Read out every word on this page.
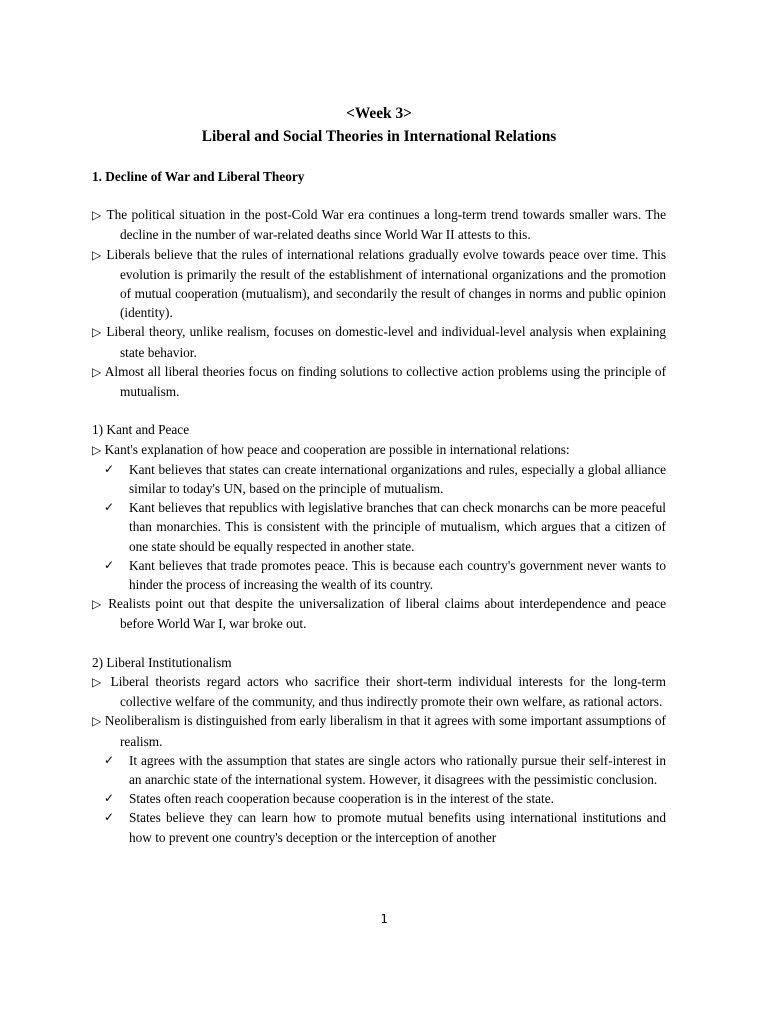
<Week 3>
Liberal and Social Theories in International Relations
1. Decline of War and Liberal Theory
▷ The political situation in the post-Cold War era continues a long-term trend towards smaller wars. The decline in the number of war-related deaths since World War II attests to this.
▷ Liberals believe that the rules of international relations gradually evolve towards peace over time. This evolution is primarily the result of the establishment of international organizations and the promotion of mutual cooperation (mutualism), and secondarily the result of changes in norms and public opinion (identity).
▷ Liberal theory, unlike realism, focuses on domestic-level and individual-level analysis when explaining state behavior.
▷ Almost all liberal theories focus on finding solutions to collective action problems using the principle of mutualism.
1) Kant and Peace
▷ Kant's explanation of how peace and cooperation are possible in international relations:
✓ Kant believes that states can create international organizations and rules, especially a global alliance similar to today's UN, based on the principle of mutualism.
✓ Kant believes that republics with legislative branches that can check monarchs can be more peaceful than monarchies. This is consistent with the principle of mutualism, which argues that a citizen of one state should be equally respected in another state.
✓ Kant believes that trade promotes peace. This is because each country's government never wants to hinder the process of increasing the wealth of its country.
▷ Realists point out that despite the universalization of liberal claims about interdependence and peace before World War I, war broke out.
2) Liberal Institutionalism
▷ Liberal theorists regard actors who sacrifice their short-term individual interests for the long-term collective welfare of the community, and thus indirectly promote their own welfare, as rational actors.
▷ Neoliberalism is distinguished from early liberalism in that it agrees with some important assumptions of realism.
✓ It agrees with the assumption that states are single actors who rationally pursue their self-interest in an anarchic state of the international system. However, it disagrees with the pessimistic conclusion.
✓ States often reach cooperation because cooperation is in the interest of the state.
✓ States believe they can learn how to promote mutual benefits using international institutions and how to prevent one country's deception or the interception of another
1
